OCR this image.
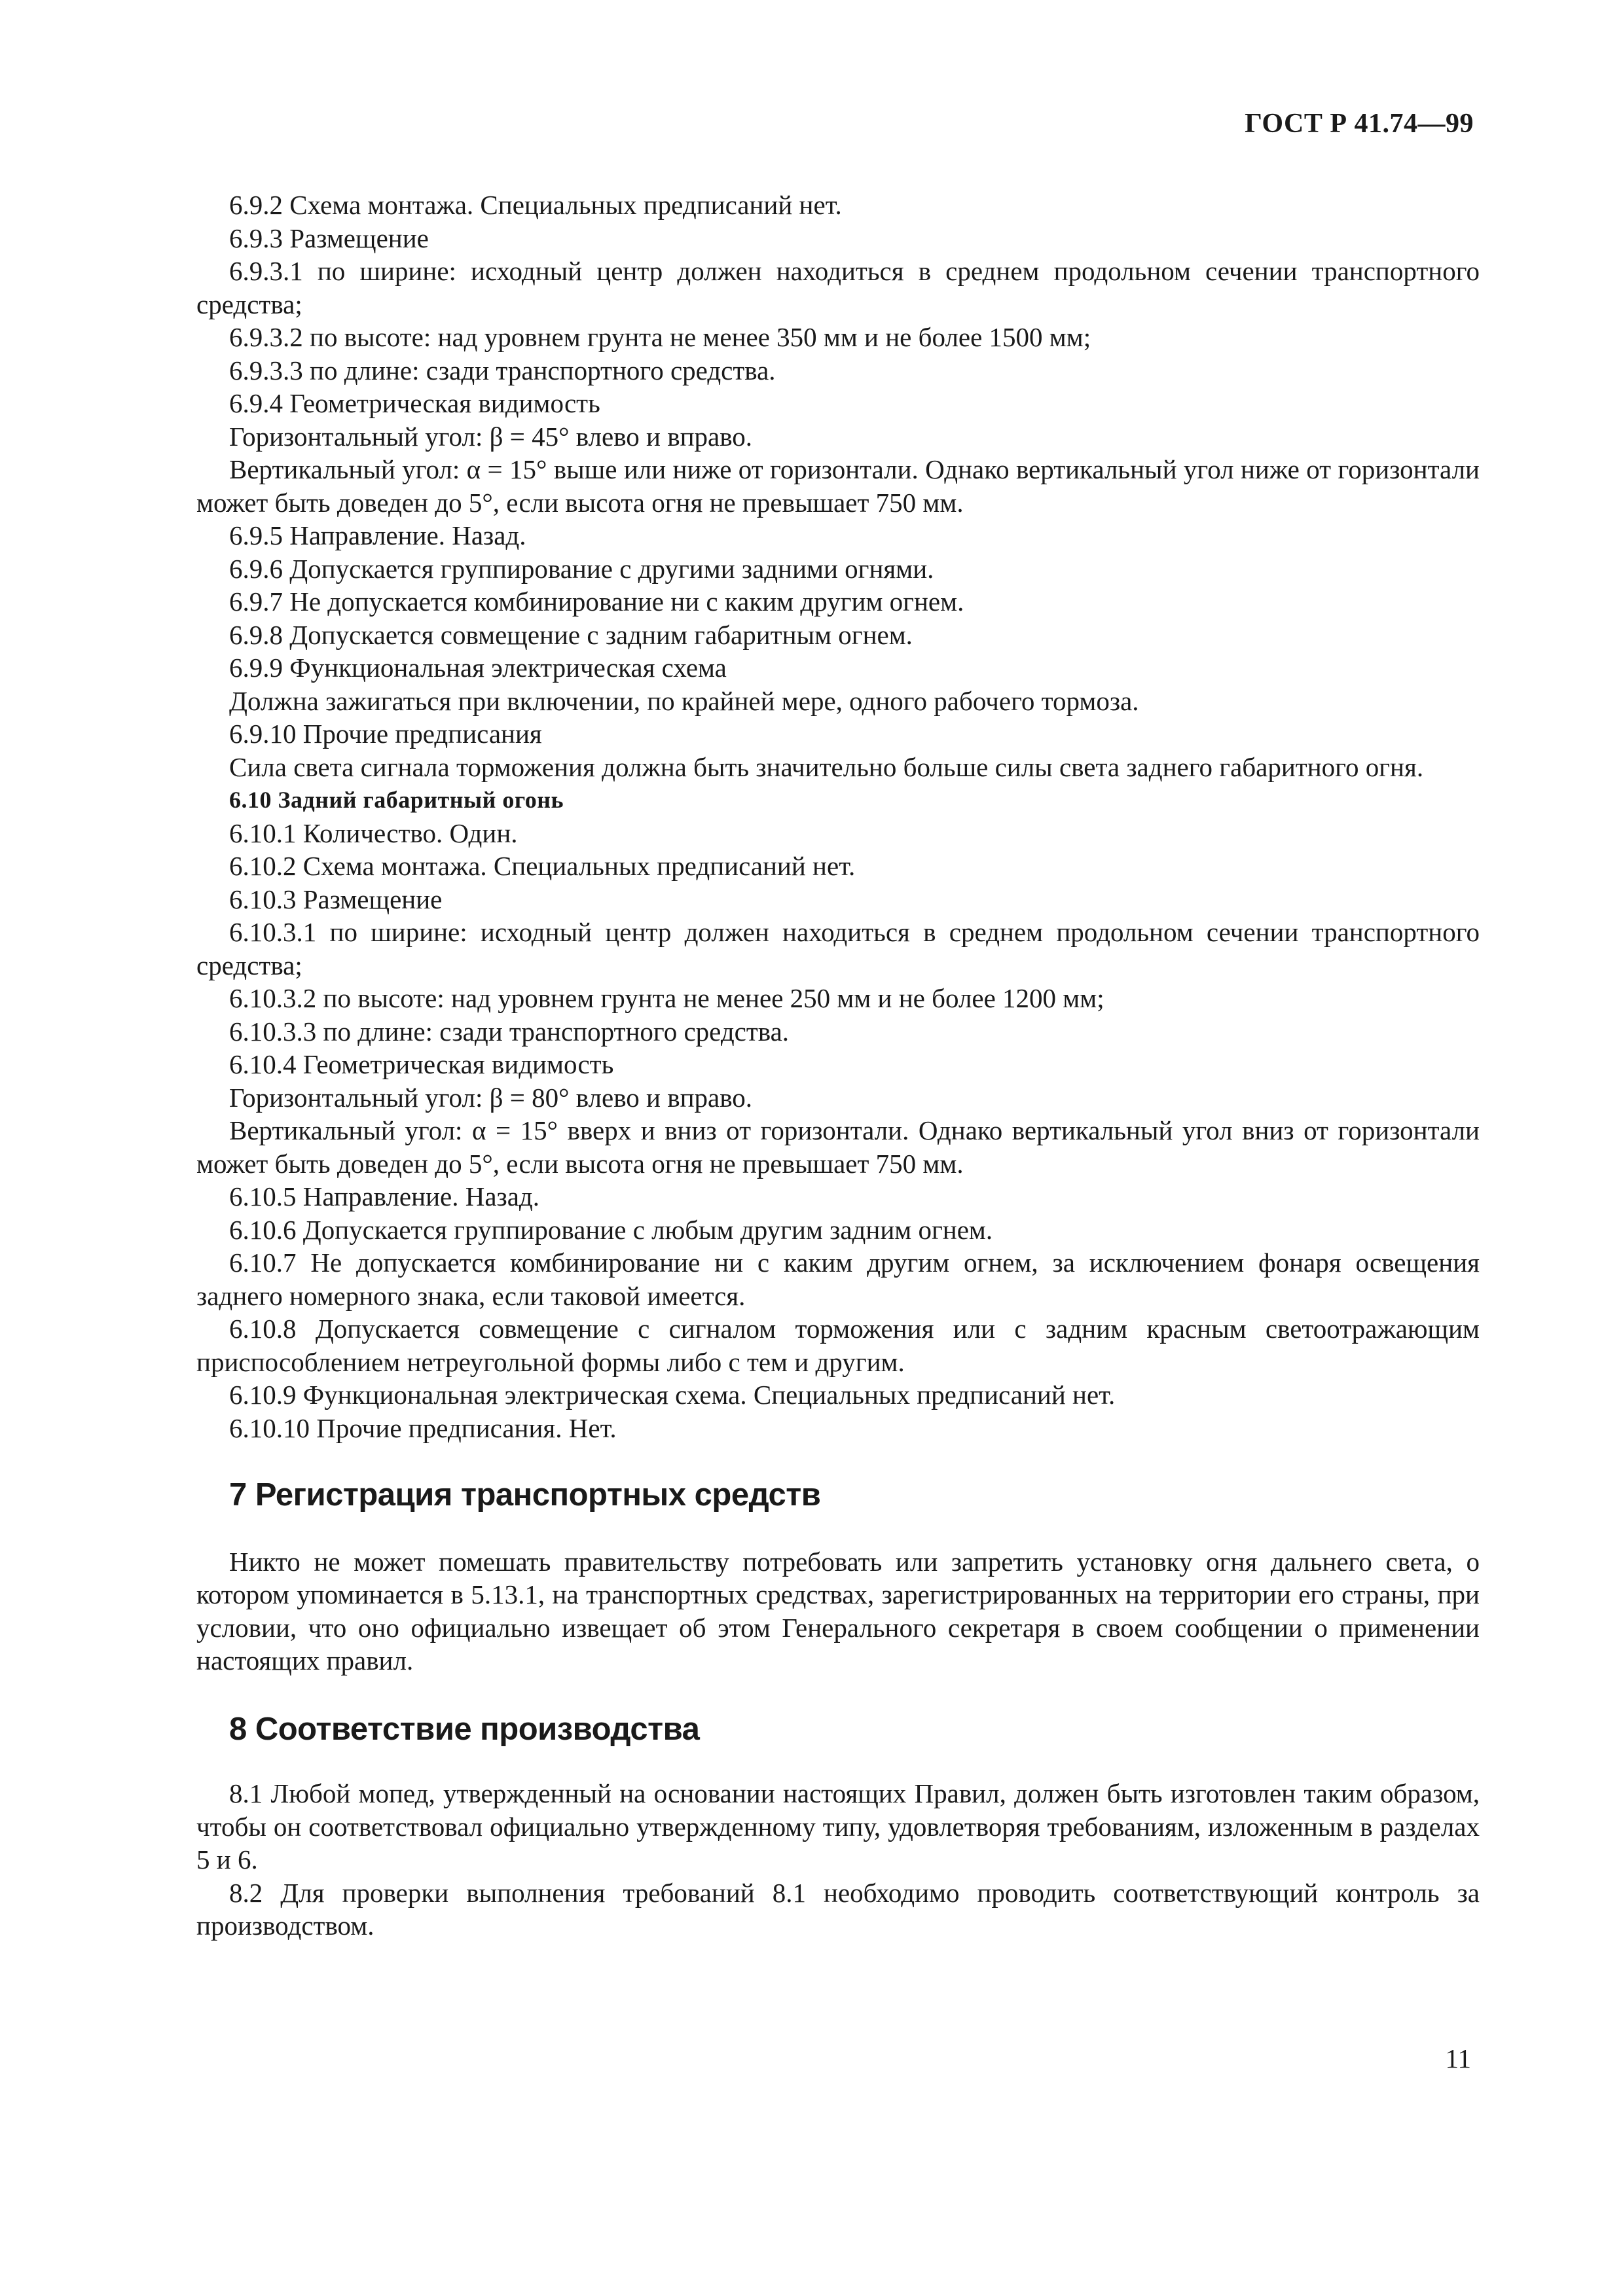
ГОСТ Р 41.74—99

6.9.2 Схема монтажа. Специальных предписаний нет.

6.9.3 Размещение

6.9.3.1 по ширине: исходный центр должен находиться в среднем продольном сечении транспортного средства;

6.9.3.2 по высоте: над уровнем грунта не менее 350 мм и не более 1500 мм;

6.9.3.3 по длине: сзади транспортного средства.

6.9.4 Геометрическая видимость

Горизонтальный угол: β = 45° влево и вправо.

Вертикальный угол: α = 15° выше или ниже от горизонтали. Однако вертикальный угол ниже от горизонтали может быть доведен до 5°, если высота огня не превышает 750 мм.

6.9.5 Направление. Назад.

6.9.6 Допускается группирование с другими задними огнями.

6.9.7 Не допускается комбинирование ни с каким другим огнем.

6.9.8 Допускается совмещение с задним габаритным огнем.

6.9.9 Функциональная электрическая схема

Должна зажигаться при включении, по крайней мере, одного рабочего тормоза.

6.9.10 Прочие предписания

Сила света сигнала торможения должна быть значительно больше силы света заднего габаритного огня.

6.10 Задний габаритный огонь

6.10.1 Количество. Один.

6.10.2 Схема монтажа. Специальных предписаний нет.

6.10.3 Размещение

6.10.3.1 по ширине: исходный центр должен находиться в среднем продольном сечении транспортного средства;

6.10.3.2 по высоте: над уровнем грунта не менее 250 мм и не более 1200 мм;

6.10.3.3 по длине: сзади транспортного средства.

6.10.4 Геометрическая видимость

Горизонтальный угол: β = 80° влево и вправо.

Вертикальный угол: α = 15° вверх и вниз от горизонтали. Однако вертикальный угол вниз от горизонтали может быть доведен до 5°, если высота огня не превышает 750 мм.

6.10.5 Направление. Назад.

6.10.6 Допускается группирование с любым другим задним огнем.

6.10.7 Не допускается комбинирование ни с каким другим огнем, за исключением фонаря освещения заднего номерного знака, если таковой имеется.

6.10.8 Допускается совмещение с сигналом торможения или с задним красным светоотражающим приспособлением нетреугольной формы либо с тем и другим.

6.10.9 Функциональная электрическая схема. Специальных предписаний нет.

6.10.10 Прочие предписания. Нет.

7 Регистрация транспортных средств

Никто не может помешать правительству потребовать или запретить установку огня дальнего света, о котором упоминается в 5.13.1, на транспортных средствах, зарегистрированных на территории его страны, при условии, что оно официально извещает об этом Генерального секретаря в своем сообщении о применении настоящих правил.

8 Соответствие производства

8.1 Любой мопед, утвержденный на основании настоящих Правил, должен быть изготовлен таким образом, чтобы он соответствовал официально утвержденному типу, удовлетворяя требованиям, изложенным в разделах 5 и 6.

8.2 Для проверки выполнения требований 8.1 необходимо проводить соответствующий контроль за производством.

11
